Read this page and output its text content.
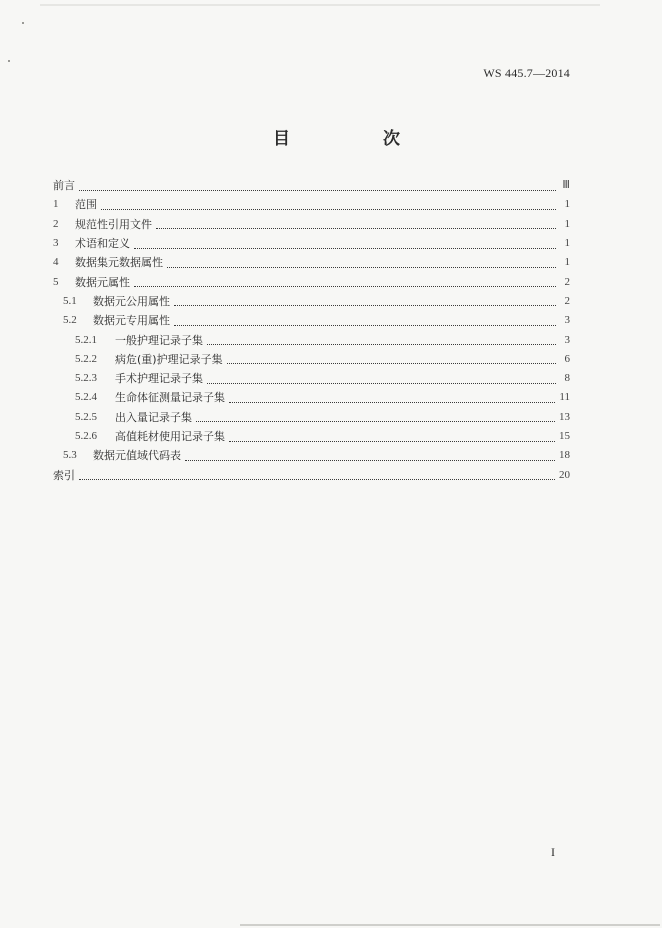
WS 445.7—2014
目　次
前言	Ⅲ
1	范围	1
2	规范性引用文件	1
3	术语和定义	1
4	数据集元数据属性	1
5	数据元属性	2
5.1	数据元公用属性	2
5.2	数据元专用属性	3
5.2.1	一般护理记录子集	3
5.2.2	病危(重)护理记录子集	6
5.2.3	手术护理记录子集	8
5.2.4	生命体征测量记录子集	11
5.2.5	出入量记录子集	13
5.2.6	高值耗材使用记录子集	15
5.3	数据元值域代码表	18
索引	20
I
